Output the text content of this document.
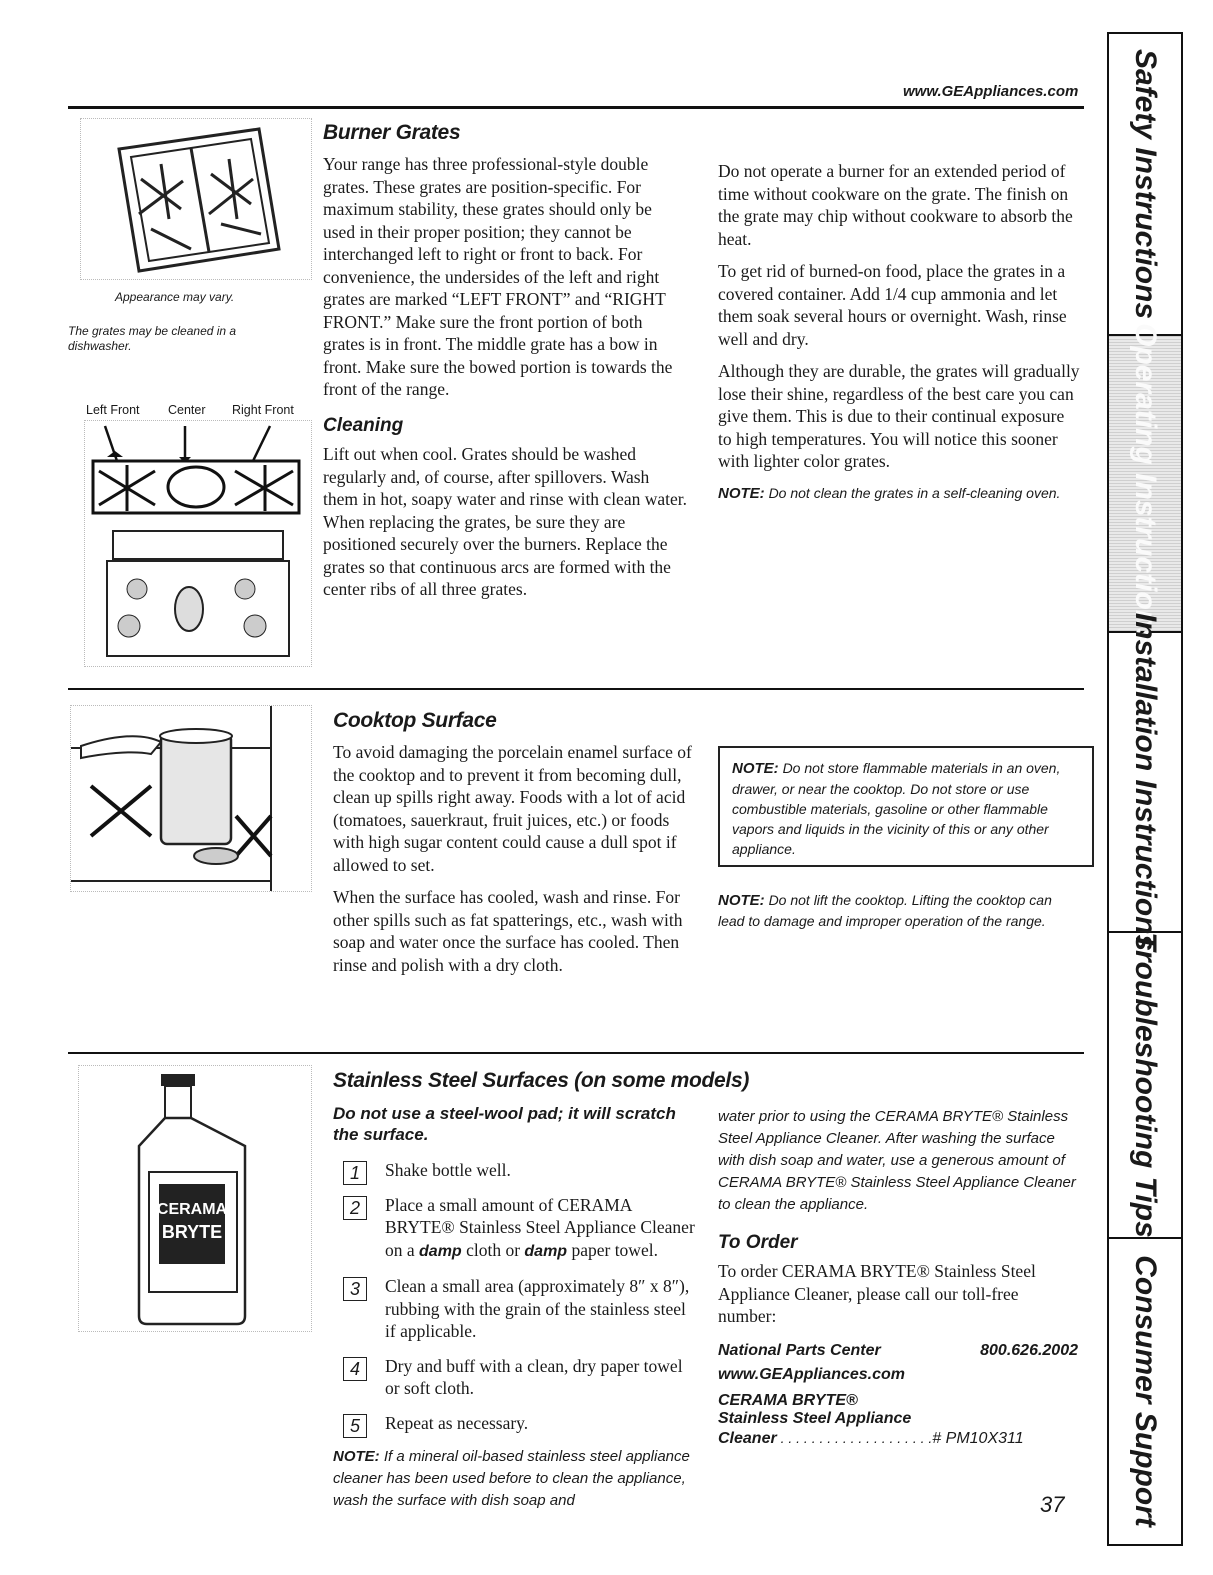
www.GEAppliances.com
Appearance may vary.
The grates may be cleaned in a dishwasher.
Left Front Center Right Front
Burner Grates

Your range has three professional-style double grates. These grates are position-specific. For maximum stability, these grates should only be used in their proper position; they cannot be interchanged left to right or front to back. For convenience, the undersides of the left and right grates are marked “LEFT FRONT” and “RIGHT FRONT.” Make sure the front portion of both grates is in front. The middle grate has a bow in front. Make sure the bowed portion is towards the front of the range.

Cleaning

Lift out when cool. Grates should be washed regularly and, of course, after spillovers. Wash them in hot, soapy water and rinse with clean water. When replacing the grates, be sure they are positioned securely over the burners. Replace the grates so that continuous arcs are formed with the center ribs of all three grates.

Do not operate a burner for an extended period of time without cookware on the grate. The finish on the grate may chip without cookware to absorb the heat.

To get rid of burned-on food, place the grates in a covered container. Add 1/4 cup ammonia and let them soak several hours or overnight. Wash, rinse well and dry.

Although they are durable, the grates will gradually lose their shine, regardless of the best care you can give them. This is due to their continual exposure to high temperatures. You will notice this sooner with lighter color grates.

NOTE: Do not clean the grates in a self-cleaning oven.
Cooktop Surface

To avoid damaging the porcelain enamel surface of the cooktop and to prevent it from becoming dull, clean up spills right away. Foods with a lot of acid (tomatoes, sauerkraut, fruit juices, etc.) or foods with high sugar content could cause a dull spot if allowed to set.

When the surface has cooled, wash and rinse. For other spills such as fat spatterings, etc., wash with soap and water once the surface has cooled. Then rinse and polish with a dry cloth.

NOTE: Do not store flammable materials in an oven, drawer, or near the cooktop. Do not store or use combustible materials, gasoline or other flammable vapors and liquids in the vicinity of this or any other appliance.
NOTE: Do not lift the cooktop. Lifting the cooktop can lead to damage and improper operation of the range.
CERAMA
BRYTE
Stainless Steel Surfaces (on some models)
Do not use a steel-wool pad; it will scratch the surface.
1	Shake bottle well.
2	Place a small amount of CERAMA BRYTE® Stainless Steel Appliance Cleaner on a damp cloth or damp paper towel.
3	Clean a small area (approximately 8″ x 8″), rubbing with the grain of the stainless steel if applicable.
4	Dry and buff with a clean, dry paper towel or soft cloth.
5	Repeat as necessary.
NOTE: If a mineral oil-based stainless steel appliance cleaner has been used before to clean the appliance, wash the surface with dish soap and
water prior to using the CERAMA BRYTE® Stainless Steel Appliance Cleaner. After washing the surface with dish soap and water, use a generous amount of CERAMA BRYTE® Stainless Steel Appliance Cleaner to clean the appliance.
To Order
To order CERAMA BRYTE® Stainless Steel Appliance Cleaner, please call our toll-free number:
National Parts Center	800.626.2002
www.GEAppliances.com
CERAMA BRYTE®
Stainless Steel Appliance
Cleaner . . . . . . . . . . . . . . . . . . . .# PM10X311
37
Safety Instructions
Operating Instructions
Installation Instructions
Troubleshooting Tips
Consumer Support
